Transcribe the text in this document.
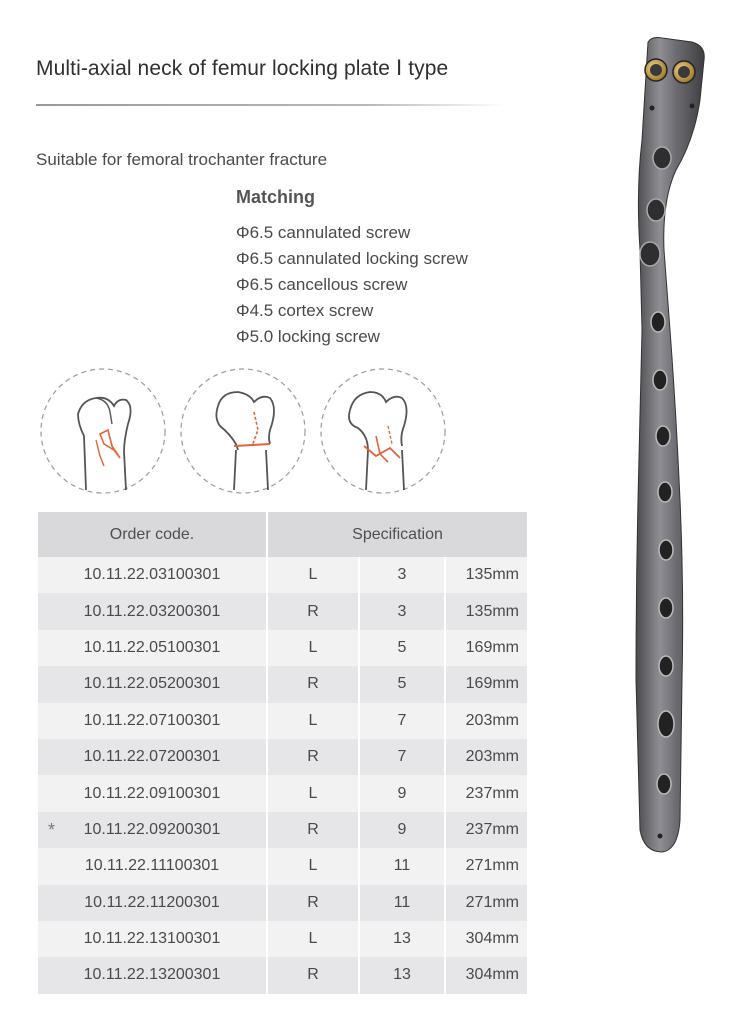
Multi-axial neck of femur locking plate Ⅰ type
Suitable for femoral trochanter fracture
Matching
Φ6.5 cannulated screw
Φ6.5 cannulated locking screw
Φ6.5 cancellous screw
Φ4.5 cortex screw
Φ5.0 locking screw
Order code.	Specification		
10.11.22.03100301	L	3	135mm
10.11.22.03200301	R	3	135mm
10.11.22.05100301	L	5	169mm
10.11.22.05200301	R	5	169mm
10.11.22.07100301	L	7	203mm
10.11.22.07200301	R	7	203mm
10.11.22.09100301	L	9	237mm

* 10.11.22.09200301	R	9	237mm
10.11.22.11100301	L	11	271mm
10.11.22.11200301	R	11	271mm
10.11.22.13100301	L	13	304mm
10.11.22.13200301	R	13	304mm
